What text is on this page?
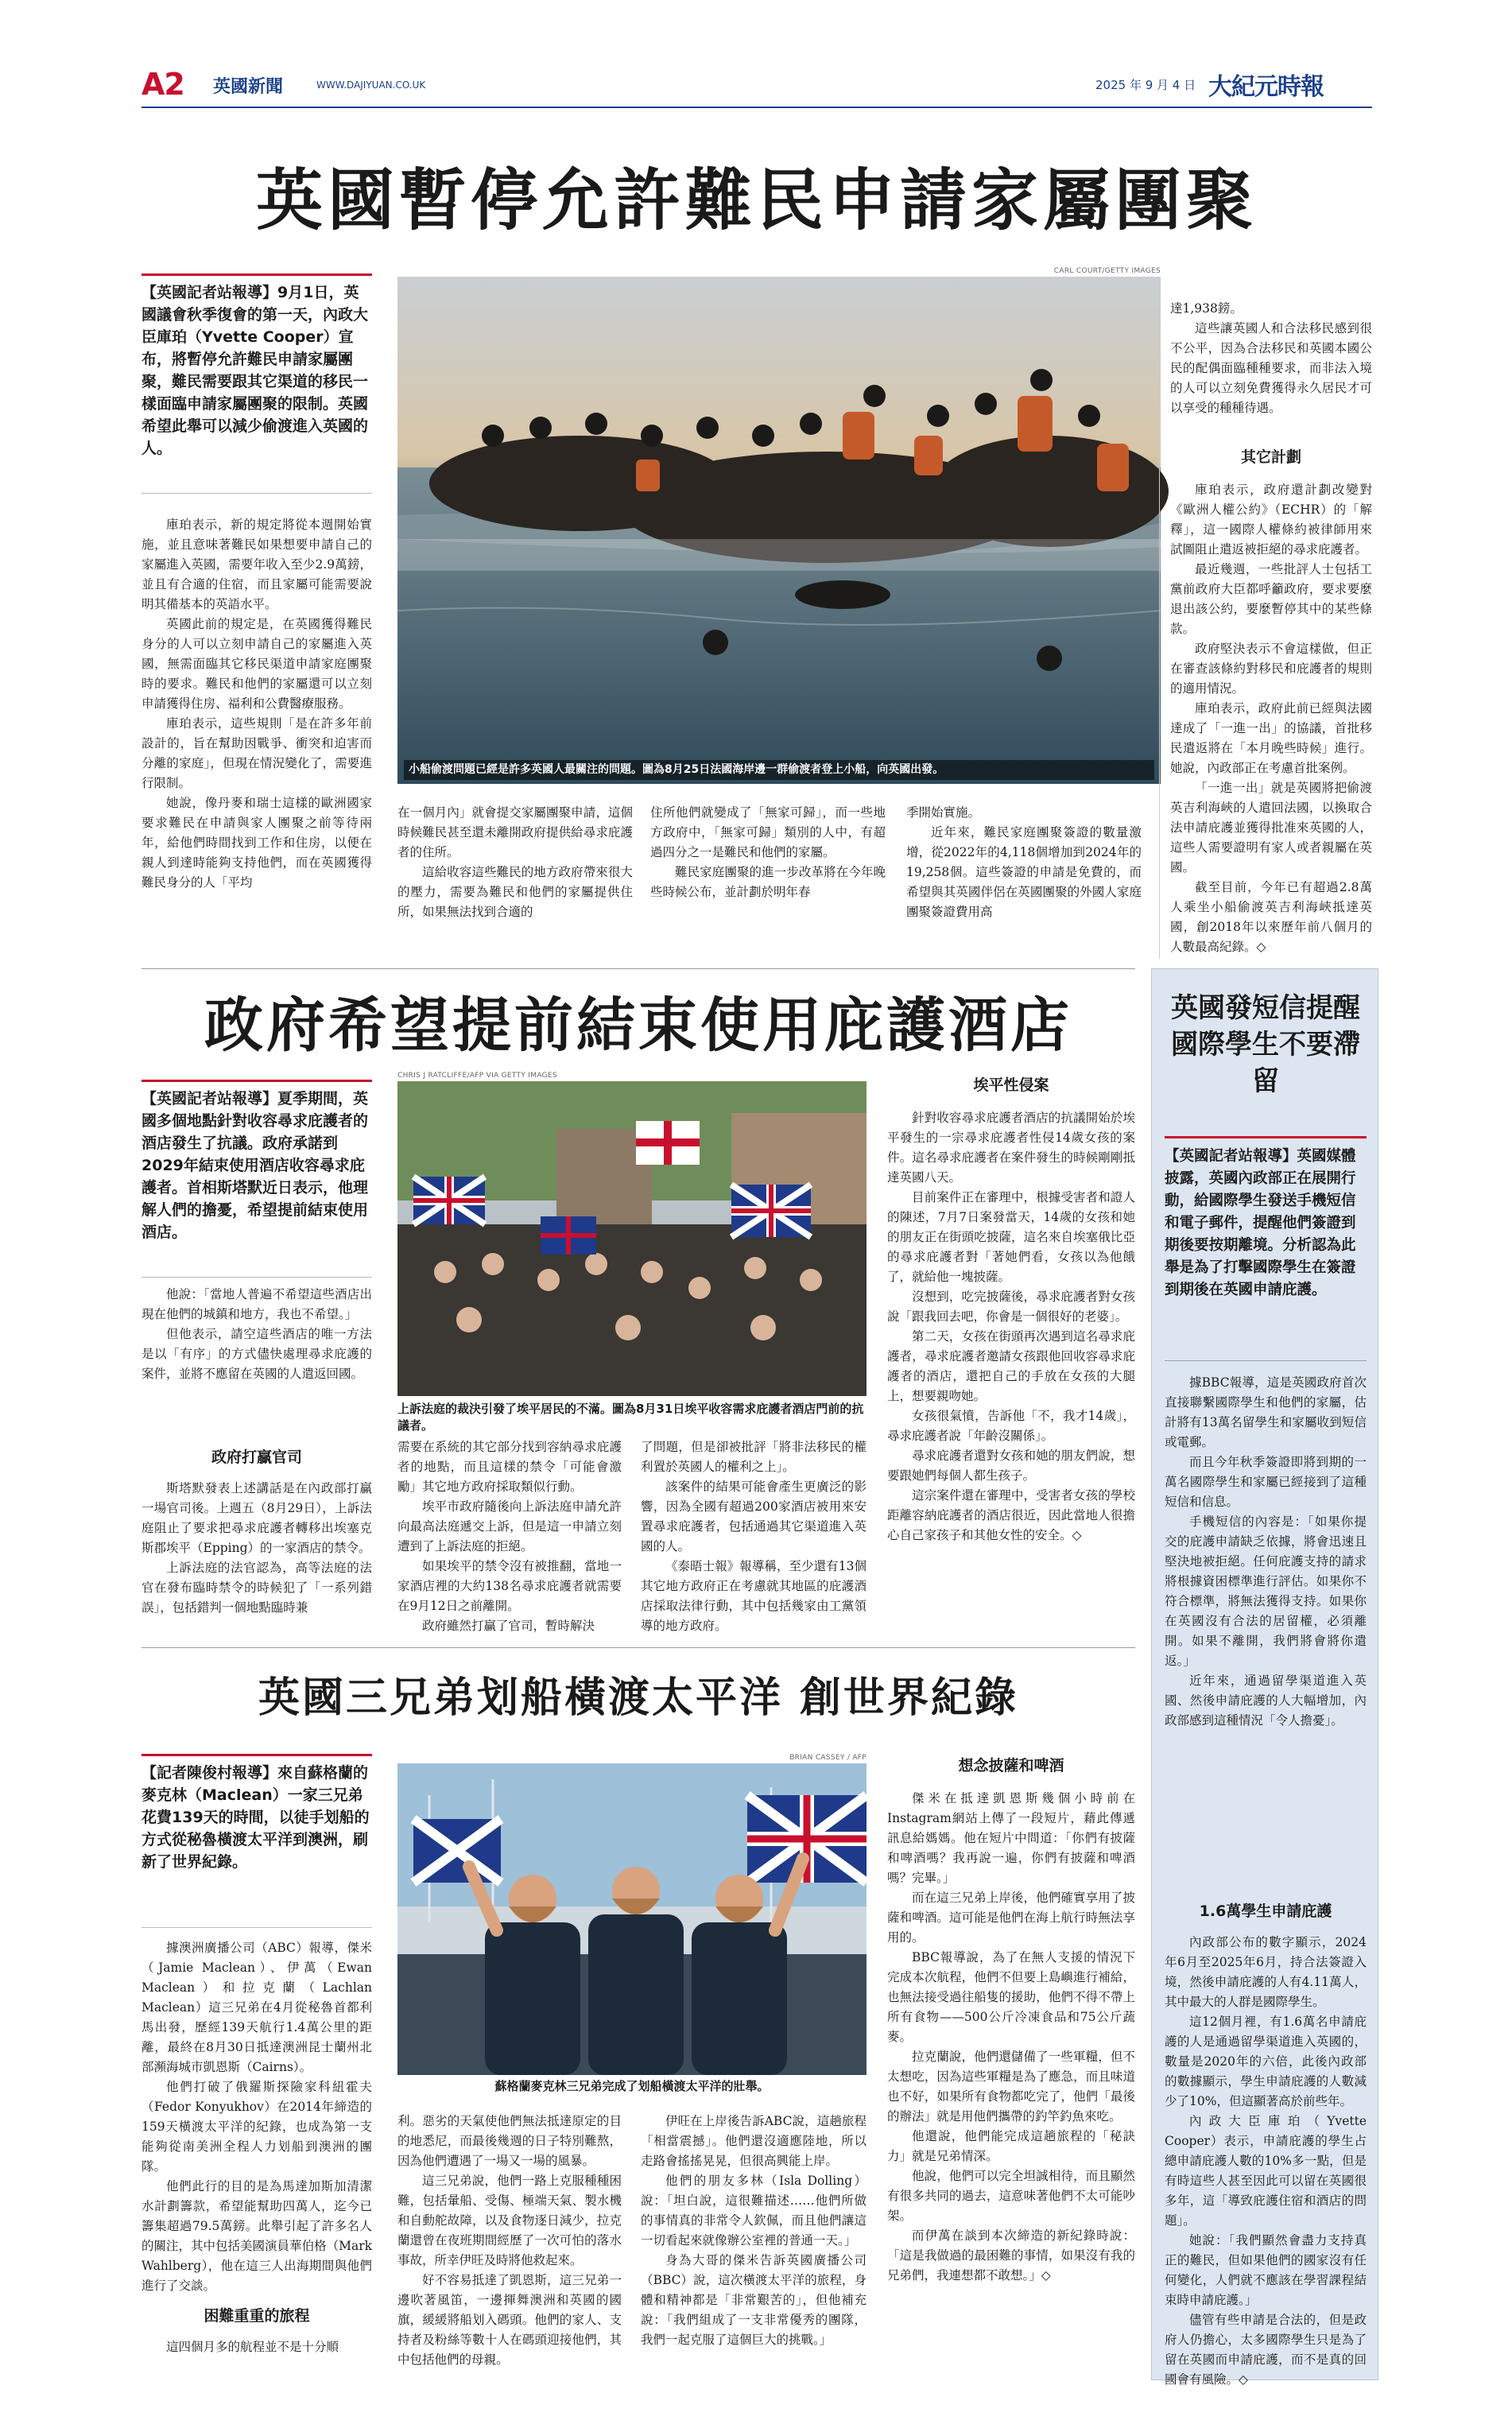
A2 英國新聞	WWW.DAJIYUAN.CO.UK	2025 年 9 月 4 日 大紀元時報
英國暫停允許難民申請家屬團聚
【英國記者站報導】9月1日，英國議會秋季復會的第一天，內政大臣庫珀（Yvette Cooper）宣布，將暫停允許難民申請家屬團聚，難民需要跟其它渠道的移民一樣面臨申請家屬團聚的限制。英國希望此舉可以減少偷渡進入英國的人。
CARL COURT/GETTY IMAGES
小船偷渡問題已經是許多英國人最關注的問題。圖為8月25日法國海岸邊一群偷渡者登上小船，向英國出發。

庫珀表示，新的規定將從本週開始實施，並且意味著難民如果想要申請自己的家屬進入英國，需要年收入至少2.9萬鎊，並且有合適的住宿，而且家屬可能需要說明其備基本的英語水平。

英國此前的規定是，在英國獲得難民身分的人可以立刻申請自己的家屬進入英國，無需面臨其它移民渠道申請家庭團聚時的要求。難民和他們的家屬還可以立刻申請獲得住房、福利和公費醫療服務。

庫珀表示，這些規則「是在許多年前設計的，旨在幫助因戰爭、衝突和迫害而分離的家庭」，但現在情況變化了，需要進行限制。

她說，像丹麥和瑞士這樣的歐洲國家要求難民在申請與家人團聚之前等待兩年，給他們時間找到工作和住房，以便在親人到達時能夠支持他們，而在英國獲得難民身分的人「平均

在一個月內」就會提交家屬團聚申請，這個時候難民甚至還未離開政府提供給尋求庇護者的住所。

這給收容這些難民的地方政府帶來很大的壓力，需要為難民和他們的家屬提供住所，如果無法找到合適的

住所他們就變成了「無家可歸」，而一些地方政府中，「無家可歸」類別的人中，有超過四分之一是難民和他們的家屬。

難民家庭團聚的進一步改革將在今年晚些時候公布，並計劃於明年春

季開始實施。

近年來，難民家庭團聚簽證的數量激增，從2022年的4,118個增加到2024年的19,258個。這些簽證的申請是免費的，而希望與其英國伴侶在英國團聚的外國人家庭團聚簽證費用高

達1,938鎊。

這些讓英國人和合法移民感到很不公平，因為合法移民和英國本國公民的配偶面臨種種要求，而非法入境的人可以立刻免費獲得永久居民才可以享受的種種待遇。

其它計劃

庫珀表示，政府還計劃改變對《歐洲人權公約》（ECHR）的「解釋」，這一國際人權條約被律師用來試圖阻止遣返被拒絕的尋求庇護者。

最近幾週，一些批評人士包括工黨前政府大臣都呼籲政府，要求要麼退出該公約，要麼暫停其中的某些條款。

政府堅決表示不會這樣做，但正在審查該條約對移民和庇護者的規則的適用情況。

庫珀表示，政府此前已經與法國達成了「一進一出」的協議，首批移民遣返將在「本月晚些時候」進行。她說，內政部正在考慮首批案例。

「一進一出」就是英國將把偷渡英吉利海峽的人遣回法國，以換取合法申請庇護並獲得批准來英國的人，這些人需要證明有家人或者親屬在英國。

截至目前，今年已有超過2.8萬人乘坐小船偷渡英吉利海峽抵達英國，創2018年以來歷年前八個月的人數最高紀錄。◇

政府希望提前結束使用庇護酒店
【英國記者站報導】夏季期間，英國多個地點針對收容尋求庇護者的酒店發生了抗議。政府承諾到2029年結束使用酒店收容尋求庇護者。首相斯塔默近日表示，他理解人們的擔憂，希望提前結束使用酒店。
CHRIS J RATCLIFFE/AFP VIA GETTY IMAGES
上訴法庭的裁決引發了埃平居民的不滿。圖為8月31日埃平收容需求庇護者酒店門前的抗議者。

他說：「當地人普遍不希望這些酒店出現在他們的城鎮和地方，我也不希望。」

但他表示，請空這些酒店的唯一方法是以「有序」的方式儘快處理尋求庇護的案件，並將不應留在英國的人遣返回國。

政府打贏官司

斯塔默發表上述講話是在內政部打贏一場官司後。上週五（8月29日），上訴法庭阻止了要求把尋求庇護者轉移出埃塞克斯郡埃平（Epping）的一家酒店的禁令。

上訴法庭的法官認為，高等法庭的法官在發布臨時禁令的時候犯了「一系列錯誤」，包括錯判一個地點臨時兼

需要在系統的其它部分找到容納尋求庇護者的地點，而且這樣的禁令「可能會激勵」其它地方政府採取類似行動。

埃平市政府隨後向上訴法庭申請允許向最高法庭遞交上訴，但是這一申請立刻遭到了上訴法庭的拒絕。

如果埃平的禁令沒有被推翻，當地一家酒店裡的大約138名尋求庇護者就需要在9月12日之前離開。

政府雖然打贏了官司，暫時解決

了問題，但是卻被批評「將非法移民的權利置於英國人的權利之上」。

該案件的結果可能會產生更廣泛的影響，因為全國有超過200家酒店被用來安置尋求庇護者，包括通過其它渠道進入英國的人。

《泰晤士報》報導稱，至少還有13個其它地方政府正在考慮就其地區的庇護酒店採取法律行動，其中包括幾家由工黨領導的地方政府。

埃平性侵案

針對收容尋求庇護者酒店的抗議開始於埃平發生的一宗尋求庇護者性侵14歲女孩的案件。這名尋求庇護者在案件發生的時候剛剛抵達英國八天。

目前案件正在審理中，根據受害者和證人的陳述，7月7日案發當天，14歲的女孩和她的朋友正在街頭吃披薩，這名來自埃塞俄比亞的尋求庇護者對「著她們看，女孩以為他餓了，就給他一塊披薩。

沒想到，吃完披薩後，尋求庇護者對女孩說「跟我回去吧，你會是一個很好的老婆」。

第二天，女孩在街頭再次遇到這名尋求庇護者，尋求庇護者邀請女孩跟他回收容尋求庇護者的酒店，還把自己的手放在女孩的大腿上，想要親吻她。

女孩很氣憤，告訴他「不，我才14歲」，尋求庇護者說「年齡沒關係」。

尋求庇護者還對女孩和她的朋友們說，想要跟她們每個人都生孩子。

這宗案件還在審理中，受害者女孩的學校距離容納庇護者的酒店很近，因此當地人很擔心自己家孩子和其他女性的安全。◇

英國三兄弟划船橫渡太平洋 創世界紀錄
【記者陳俊村報導】來自蘇格蘭的麥克林（Maclean）一家三兄弟花費139天的時間，以徒手划船的方式從秘魯橫渡太平洋到澳洲，刷新了世界紀錄。
BRIAN CASSEY / AFP
蘇格蘭麥克林三兄弟完成了划船橫渡太平洋的壯舉。

據澳洲廣播公司（ABC）報導，傑米（Jamie Maclean）、伊萬（Ewan Maclean）和拉克蘭（Lachlan Maclean）這三兄弟在4月從秘魯首都利馬出發，歷經139天航行1.4萬公里的距離，最終在8月30日抵達澳洲昆士蘭州北部瀕海城市凱恩斯（Cairns）。

他們打破了俄羅斯探險家科紐霍夫（Fedor Konyukhov）在2014年締造的159天橫渡太平洋的紀錄，也成為第一支能夠從南美洲全程人力划船到澳洲的團隊。

他們此行的目的是為馬達加斯加清潔水計劃籌款，希望能幫助四萬人，迄今已籌集超過79.5萬鎊。此舉引起了許多名人的關注，其中包括美國演員華伯格（Mark Wahlberg），他在這三人出海期間與他們進行了交談。

困難重重的旅程

這四個月多的航程並不是十分順

利。惡劣的天氣使他們無法抵達原定的目的地悉尼，而最後幾週的日子特別難熬，因為他們遭遇了一場又一場的風暴。

這三兄弟說，他們一路上克服種種困難，包括暈船、受傷、極端天氣、製水機和自動舵故障，以及食物逐日減少，拉克蘭還曾在夜班期間經歷了一次可怕的落水事故，所幸伊旺及時將他救起來。

好不容易抵達了凱恩斯，這三兄弟一邊吹著風笛，一邊揮舞澳洲和英國的國旗，緩緩將船划入碼頭。他們的家人、支持者及粉絲等數十人在碼頭迎接他們，其中包括他們的母親。

伊旺在上岸後告訴ABC說，這趟旅程「相當震撼」。他們還沒適應陸地，所以走路會搖搖晃晃，但很高興能上岸。

他們的朋友多林（Isla Dolling）說：「坦白說，這很難描述……他們所做的事情真的非常令人欽佩，而且他們讓這一切看起來就像辦公室裡的普通一天。」

身為大哥的傑米告訴英國廣播公司（BBC）說，這次橫渡太平洋的旅程，身體和精神都是「非常艱苦的」，但他補充說：「我們組成了一支非常優秀的團隊，我們一起克服了這個巨大的挑戰。」

想念披薩和啤酒

傑米在抵達凱恩斯幾個小時前在Instagram網站上傳了一段短片，藉此傳遞訊息給媽媽。他在短片中問道：「你們有披薩和啤酒嗎？我再說一遍，你們有披薩和啤酒嗎？完畢。」

而在這三兄弟上岸後，他們確實享用了披薩和啤酒。這可能是他們在海上航行時無法享用的。

BBC報導說，為了在無人支援的情況下完成本次航程，他們不但要上島嶼進行補給，也無法接受過往船隻的援助，他們不得不帶上所有食物——500公斤冷凍食品和75公斤蔬麥。

拉克蘭說，他們還儲備了一些軍糧，但不太想吃，因為這些軍糧是為了應急，而且味道也不好，如果所有食物都吃完了，他們「最後的辦法」就是用他們攜帶的釣竿釣魚來吃。

他還說，他們能完成這趟旅程的「秘訣力」就是兄弟情深。

他說，他們可以完全坦誠相待，而且顯然有很多共同的過去，這意味著他們不太可能吵架。

而伊萬在談到本次締造的新紀錄時說：「這是我做過的最困難的事情，如果沒有我的兄弟們，我連想都不敢想。」◇

英國發短信提醒國際學生不要滯留
【英國記者站報導】英國媒體披露，英國內政部正在展開行動，給國際學生發送手機短信和電子郵件，提醒他們簽證到期後要按期離境。分析認為此舉是為了打擊國際學生在簽證到期後在英國申請庇護。

據BBC報導，這是英國政府首次直接聯繫國際學生和他們的家屬，估計將有13萬名留學生和家屬收到短信或電郵。

而且今年秋季簽證即將到期的一萬名國際學生和家屬已經接到了這種短信和信息。

手機短信的內容是：「如果你提交的庇護申請缺乏依據，將會迅速且堅決地被拒絕。任何庇護支持的請求將根據資困標準進行評估。如果你不符合標準，將無法獲得支持。如果你在英國沒有合法的居留權，必須離開。如果不離開，我們將會將你遣返。」

近年來，通過留學渠道進入英國、然後申請庇護的人大幅增加，內政部感到這種情況「令人擔憂」。

1.6萬學生申請庇護

內政部公布的數字顯示，2024年6月至2025年6月，持合法簽證入境，然後申請庇護的人有4.11萬人，其中最大的人群是國際學生。

這12個月裡，有1.6萬名申請庇護的人是通過留學渠道進入英國的，數量是2020年的六倍，此後內政部的數據顯示，學生申請庇護的人數減少了10%，但這顯著高於前些年。

內政大臣庫珀（Yvette Cooper）表示，申請庇護的學生占總申請庇護人數的10%多一點，但是有時這些人甚至因此可以留在英國很多年，這「導致庇護住宿和酒店的問題」。

她說：「我們顯然會盡力支持真正的難民，但如果他們的國家沒有任何變化，人們就不應該在學習課程結束時申請庇護。」

儘管有些申請是合法的，但是政府人仍擔心，太多國際學生只是為了留在英國而申請庇護，而不是真的回國會有風險。◇
